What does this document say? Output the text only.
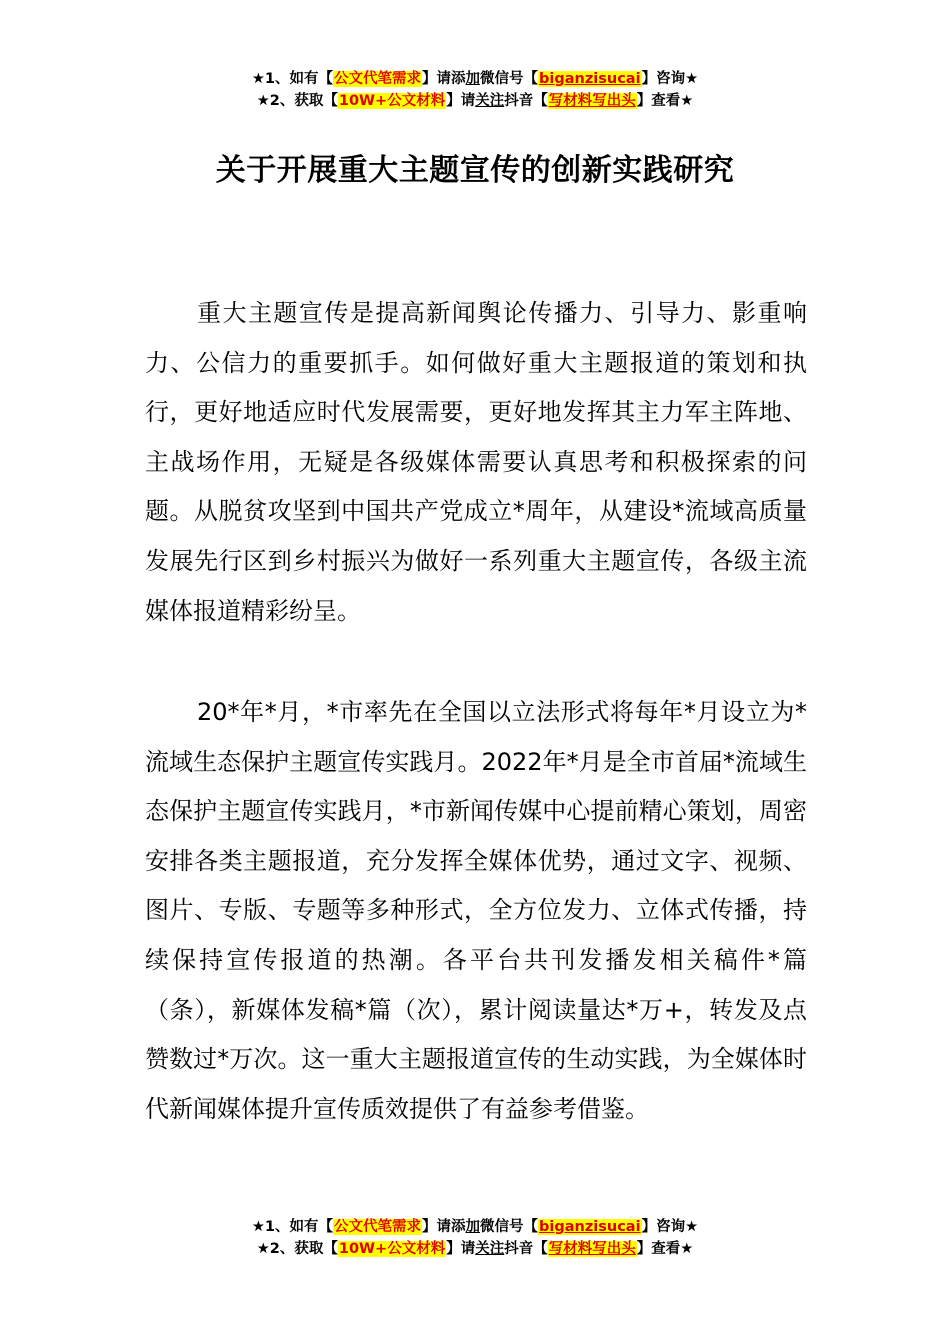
★1、如有【公文代笔需求】请添加微信号【biganzisucai】咨询★
★2、获取【10W+公文材料】请关注抖音【写材料写出头】查看★
关于开展重大主题宣传的创新实践研究

重大主题宣传是提高新闻舆论传播力、引导力、影重响力、公信力的重要抓手。如何做好重大主题报道的策划和执行，更好地适应时代发展需要，更好地发挥其主力军主阵地、主战场作用，无疑是各级媒体需要认真思考和积极探索的问题。从脱贫攻坚到中国共产党成立*周年，从建设*流域高质量发展先行区到乡村振兴为做好一系列重大主题宣传，各级主流媒体报道精彩纷呈。

20*年*月，*市率先在全国以立法形式将每年*月设立为*流域生态保护主题宣传实践月。2022年*月是全市首届*流域生态保护主题宣传实践月，*市新闻传媒中心提前精心策划，周密安排各类主题报道，充分发挥全媒体优势，通过文字、视频、图片、专版、专题等多种形式，全方位发力、立体式传播，持续保持宣传报道的热潮。各平台共刊发播发相关稿件*篇（条），新媒体发稿*篇（次），累计阅读量达*万+，转发及点赞数过*万次。这一重大主题报道宣传的生动实践，为全媒体时代新闻媒体提升宣传质效提供了有益参考借鉴。

★1、如有【公文代笔需求】请添加微信号【biganzisucai】咨询★
★2、获取【10W+公文材料】请关注抖音【写材料写出头】查看★
